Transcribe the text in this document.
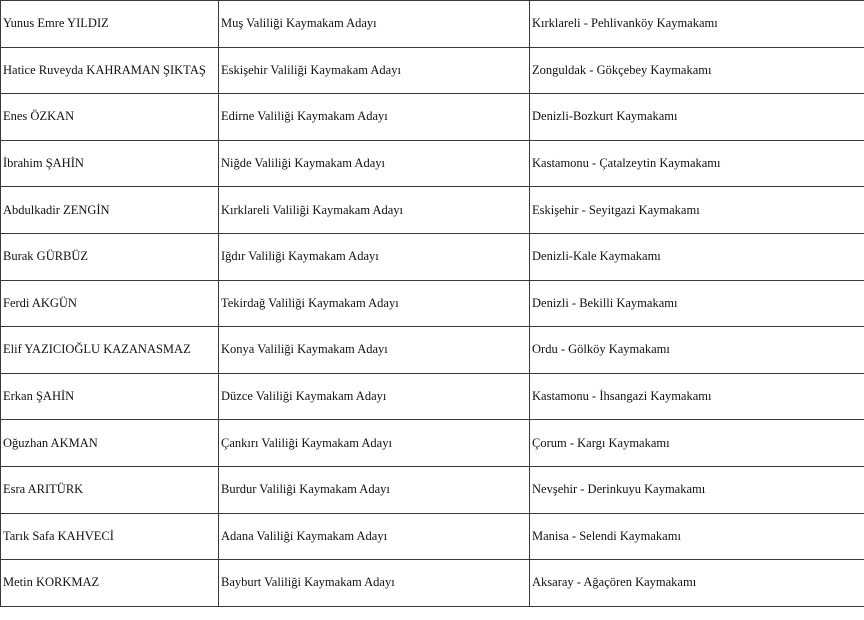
Yunus Emre YILDIZ	Muş Valiliği Kaymakam Adayı	Kırklareli - Pehlivanköy Kaymakamı
Hatice Ruveyda KAHRAMAN ŞIKTAŞ	Eskişehir Valiliği Kaymakam Adayı	Zonguldak - Gökçebey Kaymakamı
Enes ÖZKAN	Edirne Valiliği Kaymakam Adayı	Denizli-Bozkurt Kaymakamı
İbrahim ŞAHİN	Niğde Valiliği Kaymakam Adayı	Kastamonu - Çatalzeytin Kaymakamı
Abdulkadir ZENGİN	Kırklareli Valiliği Kaymakam Adayı	Eskişehir - Seyitgazi Kaymakamı
Burak GÜRBÜZ	Iğdır Valiliği Kaymakam Adayı	Denizli-Kale Kaymakamı
Ferdi AKGÜN	Tekirdağ Valiliği Kaymakam Adayı	Denizli - Bekilli Kaymakamı
Elif YAZICIOĞLU KAZANASMAZ	Konya Valiliği Kaymakam Adayı	Ordu - Gölköy Kaymakamı
Erkan ŞAHİN	Düzce Valiliği Kaymakam Adayı	Kastamonu - İhsangazi Kaymakamı
Oğuzhan AKMAN	Çankırı Valiliği Kaymakam Adayı	Çorum - Kargı Kaymakamı
Esra ARITÜRK	Burdur Valiliği Kaymakam Adayı	Nevşehir - Derinkuyu Kaymakamı
Tarık Safa KAHVECİ	Adana Valiliği Kaymakam Adayı	Manisa - Selendi Kaymakamı
Metin KORKMAZ	Bayburt Valiliği Kaymakam Adayı	Aksaray - Ağaçören Kaymakamı
